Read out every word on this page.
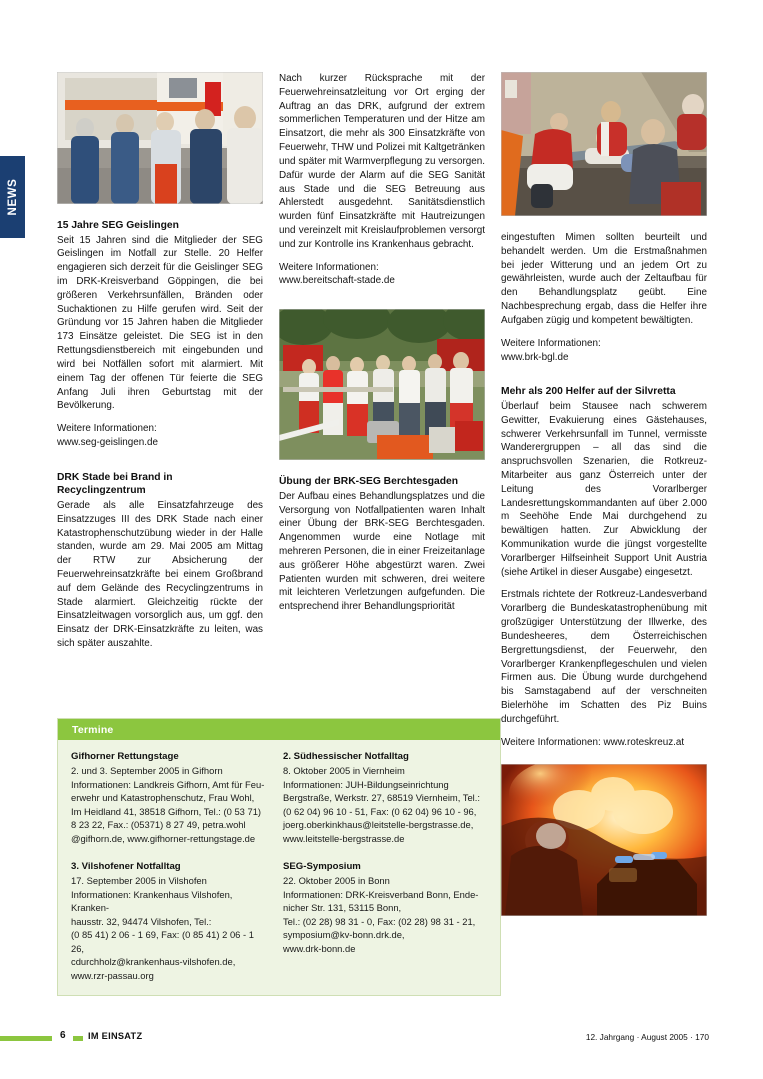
NEWS
15 Jahre SEG Geislingen

Seit 15 Jahren sind die Mitglieder der SEG Geislingen im Notfall zur Stelle. 20 Helfer engagieren sich derzeit für die Geislinger SEG im DRK-Kreisverband Göppingen, die bei größeren Verkehrsunfällen, Bränden oder Suchaktionen zu Hilfe gerufen wird. Seit der Gründung vor 15 Jahren haben die Mitglieder 173 Einsätze geleistet. Die SEG ist in den Rettungsdienstbereich mit eingebunden und wird bei Notfällen sofort mit alarmiert. Mit einem Tag der offenen Tür feierte die SEG Anfang Juli ihren Geburtstag mit der Bevölkerung.

Weitere Informationen:

www.seg-geislingen.de

DRK Stade bei Brand in Recyclingzentrum

Gerade als alle Einsatzfahrzeuge des Einsatzzuges III des DRK Stade nach einer Katastrophenschutzübung wieder in der Halle standen, wurde am 29. Mai 2005 am Mittag der RTW zur Absicherung der Feuerwehreinsatzkräfte bei einem Großbrand auf dem Gelände des Recyclingzentrums in Stade alarmiert. Gleichzeitig rückte der Einsatzleitwagen vorsorglich aus, um ggf. den Einsatz der DRK-Einsatzkräfte zu leiten, was sich später auszahlte.

Nach kurzer Rücksprache mit der Feuerwehreinsatzleitung vor Ort erging der Auftrag an das DRK, aufgrund der extrem sommerlichen Temperaturen und der Hitze am Einsatzort, die mehr als 300 Einsatzkräfte von Feuerwehr, THW und Polizei mit Kaltgetränken und später mit Warmverpflegung zu versorgen. Dafür wurde der Alarm auf die SEG Sanität aus Stade und die SEG Betreuung aus Ahlerstedt ausgedehnt. Sanitätsdienstlich wurden fünf Einsatzkräfte mit Hautreizungen und vereinzelt mit Kreislaufproblemen versorgt und zur Kontrolle ins Krankenhaus gebracht.

Weitere Informationen:

www.bereitschaft-stade.de

Übung der BRK-SEG Berchtesgaden

Der Aufbau eines Behandlungsplatzes und die Versorgung von Notfallpatienten waren Inhalt einer Übung der BRK-SEG Berchtesgaden. Angenommen wurde eine Notlage mit mehreren Personen, die in einer Freizeitanlage aus größerer Höhe abgestürzt waren. Zwei Patienten wurden mit schweren, drei weitere mit leichteren Verletzungen aufgefunden. Die entsprechend ihrer Behandlungspriorität

eingestuften Mimen sollten beurteilt und behandelt werden. Um die Erstmaßnahmen bei jeder Witterung und an jedem Ort zu gewährleisten, wurde auch der Zeltaufbau für den Behandlungsplatz geübt. Eine Nachbesprechung ergab, dass die Helfer ihre Aufgaben zügig und kompetent bewältigten.

Weitere Informationen:

www.brk-bgl.de

Mehr als 200 Helfer auf der Silvretta

Überlauf beim Stausee nach schwerem Gewitter, Evakuierung eines Gästehauses, schwerer Verkehrsunfall im Tunnel, vermisste Wanderergruppen – all das sind die anspruchsvollen Szenarien, die Rotkreuz-Mitarbeiter aus ganz Österreich unter der Leitung des Vorarlberger Landesrettungskommandanten auf über 2.000 m Seehöhe Ende Mai durchgehend zu bewältigen hatten. Zur Abwicklung der Kommunikation wurde die jüngst vorgestellte Vorarlberger Hilfseinheit Support Unit Austria (siehe Artikel in dieser Ausgabe) eingesetzt.

Erstmals richtete der Rotkreuz-Landesverband Vorarlberg die Bundeskatastrophenübung mit großzügiger Unterstützung der Illwerke, des Bundesheeres, dem Österreichischen Bergrettungsdienst, der Feuerwehr, den Vorarlberger Krankenpflegeschulen und vielen Firmen aus. Die Übung wurde durchgehend bis Samstagabend auf der verschneiten Bielerhöhe im Schatten des Piz Buins durchgeführt.

Weitere Informationen: www.roteskreuz.at

Termine
Gifhorner Rettungstage
2. und 3. September 2005 in Gifhorn
Informationen: Landkreis Gifhorn, Amt für Feu-
erwehr und Katastrophenschutz, Frau Wohl,
Im Heidland 41, 38518 Gifhorn, Tel.: (0 53 71)
8 23 22, Fax.: (05371) 8 27 49, petra.wohl
@gifhorn.de, www.gifhorner-rettungstage.de
3. Vilshofener Notfalltag
17. September 2005 in Vilshofen
Informationen: Krankenhaus Vilshofen, Kranken-
hausstr. 32, 94474 Vilshofen, Tel.:
(0 85 41) 2 06 - 1 69, Fax: (0 85 41) 2 06 - 1 26,
cdurchholz@krankenhaus-vilshofen.de,
www.rzr-passau.org
2. Südhessischer Notfalltag
8. Oktober 2005 in Viernheim
Informationen: JUH-Bildungseinrichtung
Bergstraße, Werkstr. 27, 68519 Viernheim, Tel.:
(0 62 04) 96 10 - 51, Fax: (0 62 04) 96 10 - 96,
joerg.oberkinkhaus@leitstelle-bergstrasse.de,
www.leitstelle-bergstrasse.de
SEG-Symposium
22. Oktober 2005 in Bonn
Informationen: DRK-Kreisverband Bonn, Ende-
nicher Str. 131, 53115 Bonn,
Tel.: (02 28) 98 31 - 0, Fax: (02 28) 98 31 - 21,
symposium@kv-bonn.drk.de,
www.drk-bonn.de
6 IM EINSATZ	12. Jahrgang · August 2005 · 170
